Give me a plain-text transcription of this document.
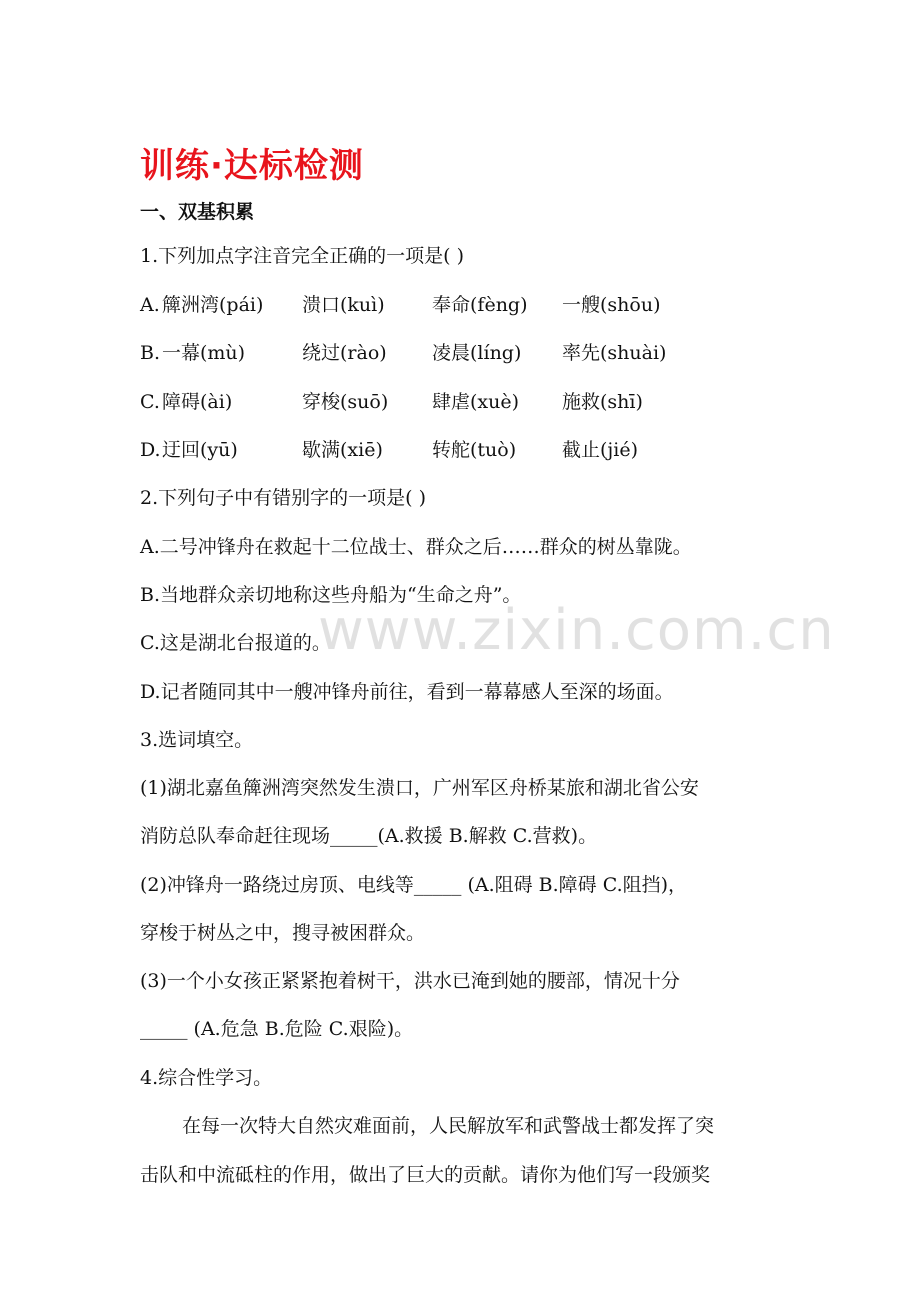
训练·达标检测
一、双基积累
1.下列加点字注音完全正确的一项是( )
A. 簰洲湾(pái) 溃口(kuì) 奉命(fèng) 一艘(shōu)
B. 一幕(mù)	绕过(rào) 凌晨(líng) 率先(shuài)
C. 障碍(ài)	穿梭(suō) 肆虐(xuè) 施救(shī)
D. 迂回(yū)	歇满(xiē)	转舵(tuò) 截止(jié)
2.下列句子中有错别字的一项是( )
A.二号冲锋舟在救起十二位战士、群众之后……群众的树丛靠陇。
B.当地群众亲切地称这些舟船为“生命之舟”。
C.这是湖北台报道的。
D.记者随同其中一艘冲锋舟前往，看到一幕幕感人至深的场面。
3.选词填空。
(1)湖北嘉鱼簰洲湾突然发生溃口，广州军区舟桥某旅和湖北省公安
消防总队奉命赶往现场_____(A.救援 B.解救 C.营救)。
(2)冲锋舟一路绕过房顶、电线等_____ (A.阻碍 B.障碍 C.阻挡)，
穿梭于树丛之中，搜寻被困群众。
(3)一个小女孩正紧紧抱着树干，洪水已淹到她的腰部，情况十分
_____ (A.危急 B.危险 C.艰险)。
4.综合性学习。
在每一次特大自然灾难面前，人民解放军和武警战士都发挥了突
击队和中流砥柱的作用，做出了巨大的贡献。请你为他们写一段颁奖
www.zixin.com.cn
